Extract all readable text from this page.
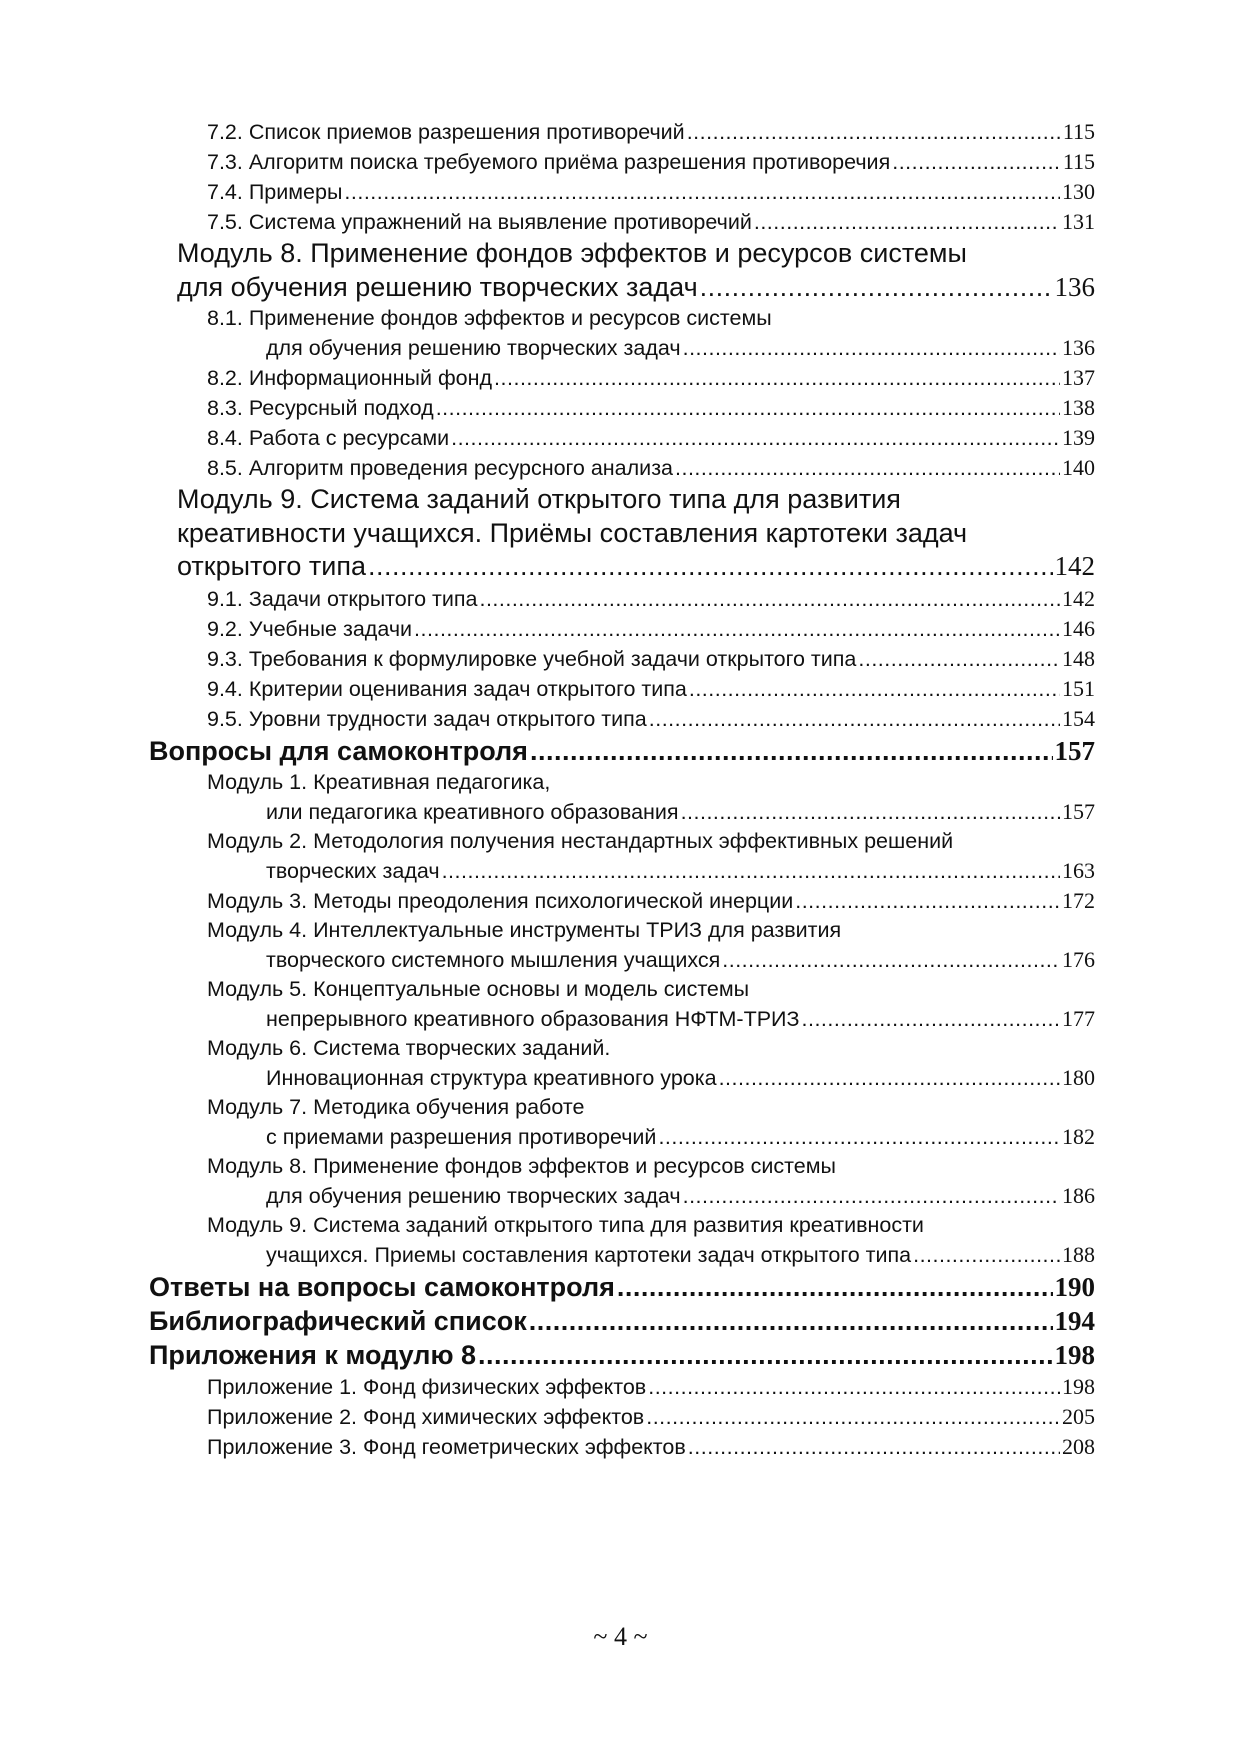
7.2. Список приемов разрешения противоречий .....	115
7.3. Алгоритм поиска требуемого приёма разрешения противоречия .....	115
7.4. Примеры .....	130
7.5. Система упражнений на выявление противоречий .....	131
Модуль 8. Применение фондов эффектов и ресурсов системы
для обучения решению творческих задач .....	136
8.1. Применение фондов эффектов и ресурсов системы
для обучения решению творческих задач .....	136
8.2. Информационный фонд .....	137
8.3. Ресурсный подход .....	138
8.4. Работа с ресурсами .....	139
8.5. Алгоритм проведения ресурсного анализа .....	140
Модуль 9. Система заданий открытого типа для развития
креативности учащихся. Приёмы составления картотеки задач
открытого типа .....	142
9.1. Задачи открытого типа .....	142
9.2. Учебные задачи .....	146
9.3. Требования к формулировке учебной задачи открытого типа .....	148
9.4. Критерии оценивания задач открытого типа .....	151
9.5. Уровни трудности задач открытого типа .....	154
Вопросы для самоконтроля .....	157
Модуль 1. Креативная педагогика,
или педагогика креативного образования .....	157
Модуль 2. Методология получения нестандартных эффективных решений
творческих задач .....	163
Модуль 3. Методы преодоления психологической инерции .....	172
Модуль 4. Интеллектуальные инструменты ТРИЗ для развития
творческого системного мышления учащихся .....	176
Модуль 5. Концептуальные основы и модель системы
непрерывного креативного образования НФТМ-ТРИЗ .....	177
Модуль 6. Система творческих заданий.
Инновационная структура креативного урока .....	180
Модуль 7. Методика обучения работе
с приемами разрешения противоречий .....	182
Модуль 8. Применение фондов эффектов и ресурсов системы
для обучения решению творческих задач .....	186
Модуль 9. Система заданий открытого типа для развития креативности
учащихся. Приемы составления картотеки задач открытого типа .....	188
Ответы на вопросы самоконтроля .....	190
Библиографический список .....	194
Приложения к модулю 8 .....	198
Приложение 1. Фонд физических эффектов .....	198
Приложение 2. Фонд химических эффектов .....	205
Приложение 3. Фонд геометрических эффектов .....	208
~ 4 ~
